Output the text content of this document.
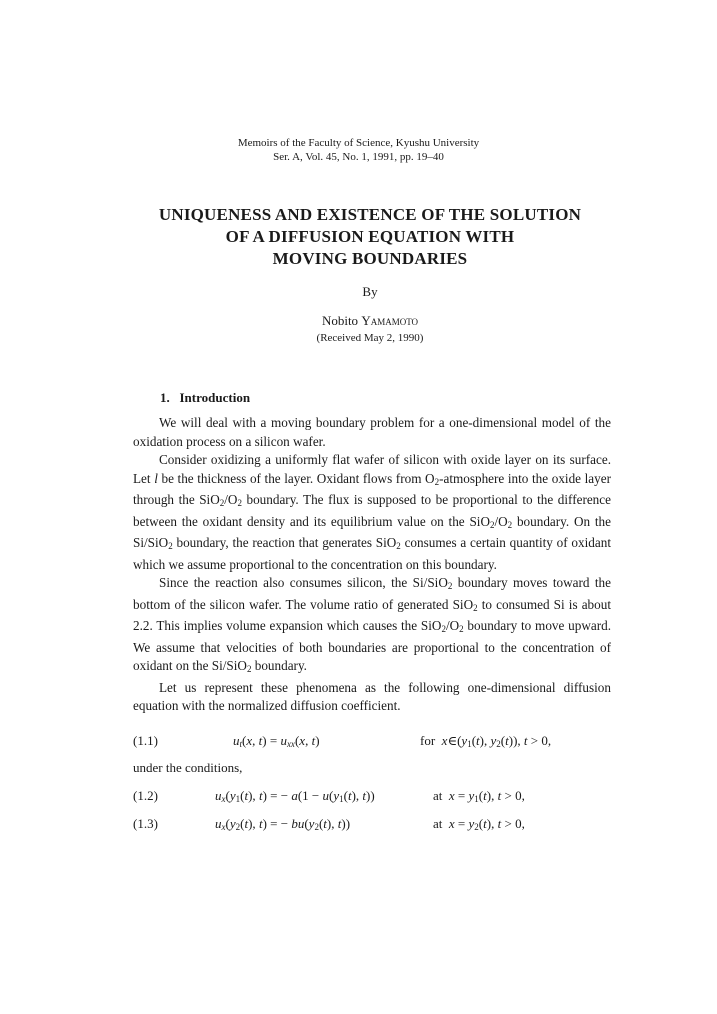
Memoirs of the Faculty of Science, Kyushu University
Ser. A, Vol. 45, No. 1, 1991, pp. 19–40
UNIQUENESS AND EXISTENCE OF THE SOLUTION
OF A DIFFUSION EQUATION WITH
MOVING BOUNDARIES
By
Nobito Yamamoto
(Received May 2, 1990)
1. Introduction

We will deal with a moving boundary problem for a one-dimensional model of the oxidation process on a silicon wafer.

Consider oxidizing a uniformly flat wafer of silicon with oxide layer on its surface. Let l be the thickness of the layer. Oxidant flows from $O_2$-atmosphere into the oxide layer through the $SiO_2/O_2$ boundary. The flux is supposed to be proportional to the difference between the oxidant density and its equilibrium value on the $SiO_2/O_2$ boundary. On the Si/SiO$_2$ boundary, the reaction that generates SiO$_2$ consumes a certain quantity of oxidant which we assume proportional to the concentration on this boundary.

Since the reaction also consumes silicon, the Si/SiO$_2$ boundary moves toward the bottom of the silicon wafer. The volume ratio of generated SiO$_2$ to consumed Si is about 2.2. This implies volume expansion which causes the $SiO_2/O_2$ boundary to move upward. We assume that velocities of both boundaries are proportional to the concentration of oxidant on the Si/SiO$_2$ boundary.

Let us represent these phenomena as the following one-dimensional diffusion equation with the normalized diffusion coefficient.

(1.1)	$u_t(x$, $t) = u_{xx}(x$, t)	for  $x\in(y_1(t)$, $y_2(t)$), t > 0,
under the conditions,
(1.2)	$u_x(y_1(t)$, t) = − $a(1 - u(y_1(t)$, t))	at  $x = y_1(t)$, t > 0,
(1.3)	$u_x(y_2(t)$, t) = − $bu(y_2(t)$, t))	at  $x = y_2(t)$, t > 0,
